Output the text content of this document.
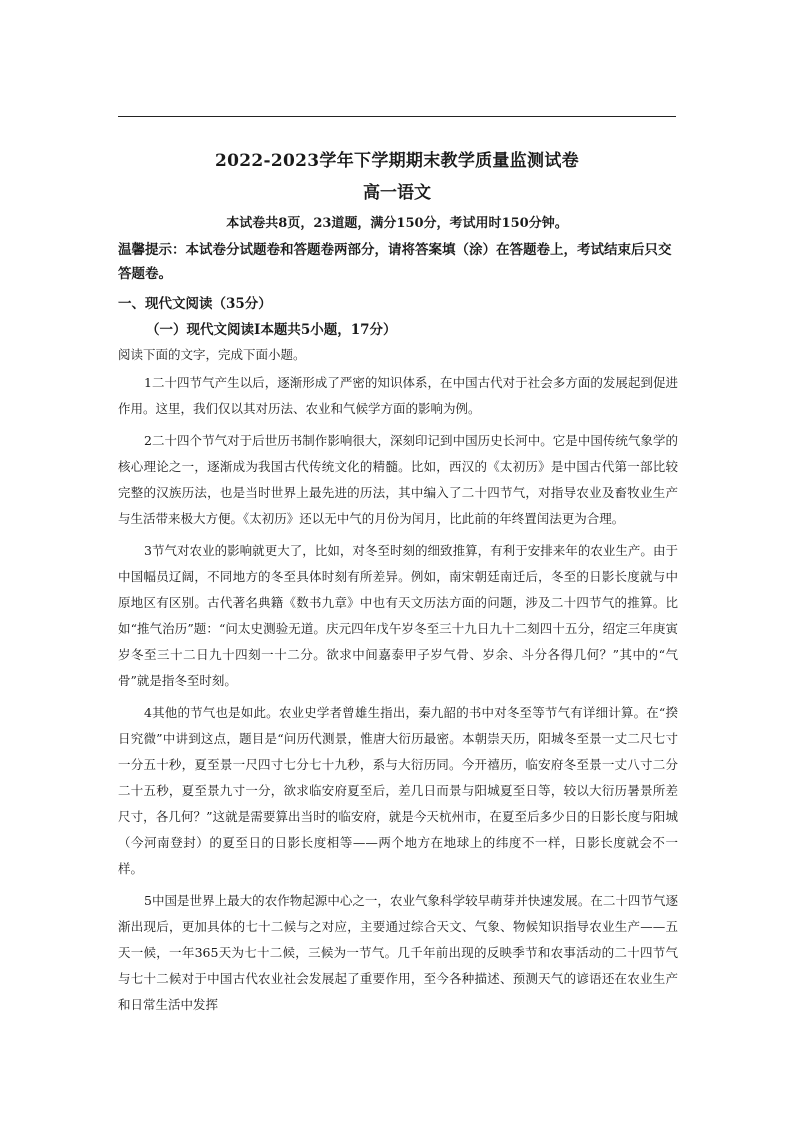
2022-2023学年下学期期末教学质量监测试卷
高一语文
本试卷共8页，23道题，满分150分，考试用时150分钟。
温馨提示：本试卷分试题卷和答题卷两部分，请将答案填（涂）在答题卷上，考试结束后只交答题卷。
一、现代文阅读（35分）
（一）现代文阅读Ⅰ本题共5小题，17分）
阅读下面的文字，完成下面小题。

1二十四节气产生以后，逐渐形成了严密的知识体系，在中国古代对于社会多方面的发展起到促进作用。这里，我们仅以其对历法、农业和气候学方面的影响为例。

2二十四个节气对于后世历书制作影响很大，深刻印记到中国历史长河中。它是中国传统气象学的核心理论之一，逐渐成为我国古代传统文化的精髓。比如，西汉的《太初历》是中国古代第一部比较完整的汉族历法，也是当时世界上最先进的历法，其中编入了二十四节气，对指导农业及畜牧业生产与生活带来极大方便。《太初历》还以无中气的月份为闰月，比此前的年终置闰法更为合理。

3节气对农业的影响就更大了，比如，对冬至时刻的细致推算，有利于安排来年的农业生产。由于中国幅员辽阔，不同地方的冬至具体时刻有所差异。例如，南宋朝廷南迁后，冬至的日影长度就与中原地区有区别。古代著名典籍《数书九章》中也有天文历法方面的问题，涉及二十四节气的推算。比如“推气治历”题：“问太史测验无道。庆元四年戊午岁冬至三十九日九十二刻四十五分，绍定三年庚寅岁冬至三十二日九十四刻一十二分。欲求中间嘉泰甲子岁气骨、岁余、斗分各得几何？”其中的“气骨”就是指冬至时刻。

4其他的节气也是如此。农业史学者曾雄生指出，秦九韶的书中对冬至等节气有详细计算。在“揆日究微”中讲到这点，题目是“问历代测景，惟唐大衍历最密。本朝崇天历，阳城冬至景一丈二尺七寸一分五十秒，夏至景一尺四寸七分七十九秒，系与大衍历同。今开禧历，临安府冬至景一丈八寸二分二十五秒，夏至景九寸一分，欲求临安府夏至后，差几日而景与阳城夏至日等，较以大衍历暑景所差尺寸，各几何？”这就是需要算出当时的临安府，就是今天杭州市，在夏至后多少日的日影长度与阳城（今河南登封）的夏至日的日影长度相等——两个地方在地球上的纬度不一样，日影长度就会不一样。

5中国是世界上最大的农作物起源中心之一，农业气象科学较早萌芽并快速发展。在二十四节气逐渐出现后，更加具体的七十二候与之对应，主要通过综合天文、气象、物候知识指导农业生产——五天一候，一年365天为七十二候，三候为一节气。几千年前出现的反映季节和农事活动的二十四节气与七十二候对于中国古代农业社会发展起了重要作用，至今各种描述、预测天气的谚语还在农业生产和日常生活中发挥
